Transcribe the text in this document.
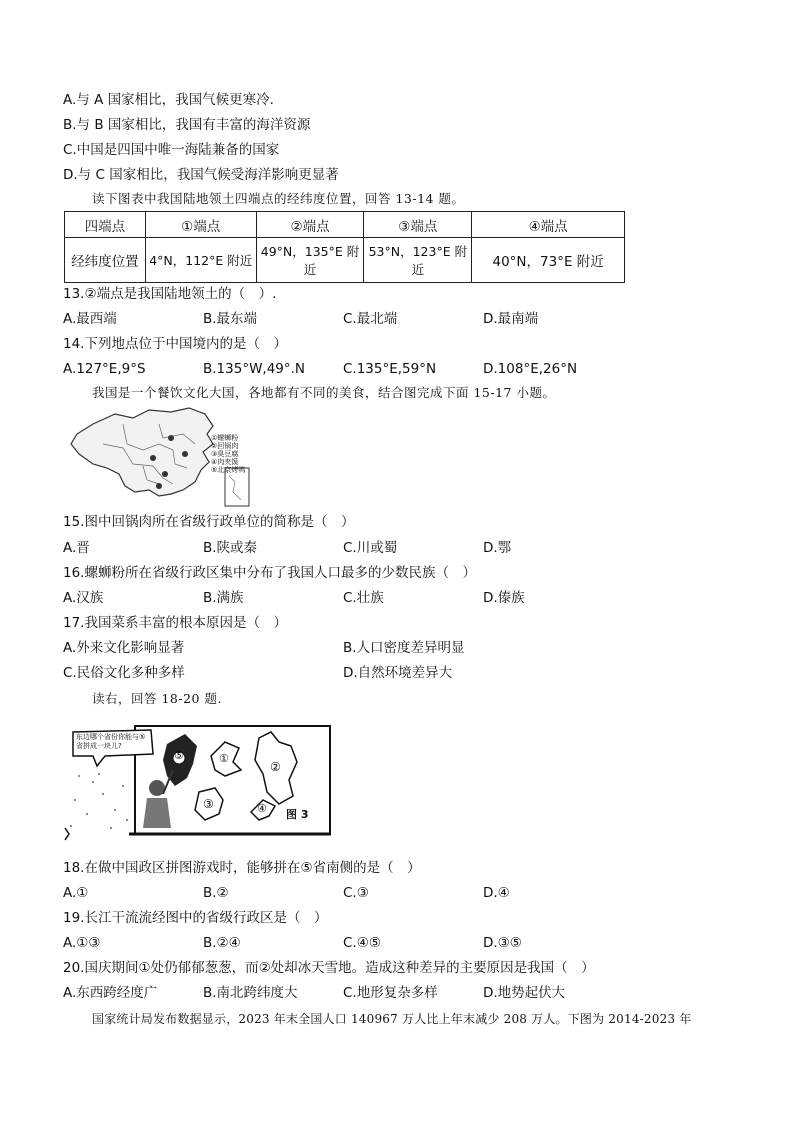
A.与 A 国家相比，我国气候更寒冷.
B.与 B 国家相比，我国有丰富的海洋资源
C.中国是四国中唯一海陆兼备的国家
D.与 C 国家相比，我国气候受海洋影响更显著
读下图表中我国陆地领土四端点的经纬度位置，回答 13-14 题。
四端点	①端点	②端点	③端点	④端点
经纬度位置	4°N，112°E 附近	49°N，135°E 附近	53°N，123°E 附近	40°N，73°E 附近
13.②端点是我国陆地领土的（　）.
A.最西端	B.最东端	C.最北端	D.最南端
14.下列地点位于中国境内的是（　）
A.127°E,9°S	B.135°W,49°.N	C.135°E,59°N	D.108°E,26°N
我国是一个餐饮文化大国，各地都有不同的美食，结合图完成下面 15-17 小题。
①螺蛳粉
②回锅肉
③臭豆腐
④肉夹馍
⑤北京烤鸭
15.图中回锅肉所在省级行政单位的简称是（　）
A.晋	B.陕或秦	C.川或蜀	D.鄂
16.螺蛳粉所在省级行政区集中分布了我国人口最多的少数民族（　）
A.汉族	B.满族	C.壮族	D.傣族
17.我国菜系丰富的根本原因是（　）
A.外来文化影响显著	B.人口密度差异明显
C.民俗文化多种多样	D.自然环境差异大
读右，回答 18-20 题.
东边哪个省份你能与⑤省拼成一块儿?
⑤	①
②
③	④ 图 3
18.在做中国政区拼图游戏时，能够拼在⑤省南侧的是（　）
A.①	B.②	C.③	D.④
19.长江干流流经图中的省级行政区是（　）
A.①③	B.②④	C.④⑤	D.③⑤
20.国庆期间①处仍郁郁葱葱，而②处却冰天雪地。造成这种差异的主要原因是我国（　）
A.东西跨经度广	B.南北跨纬度大	C.地形复杂多样	D.地势起伏大
国家统计局发布数据显示，2023 年末全国人口 140967 万人比上年末减少 208 万人。下图为 2014-2023 年
